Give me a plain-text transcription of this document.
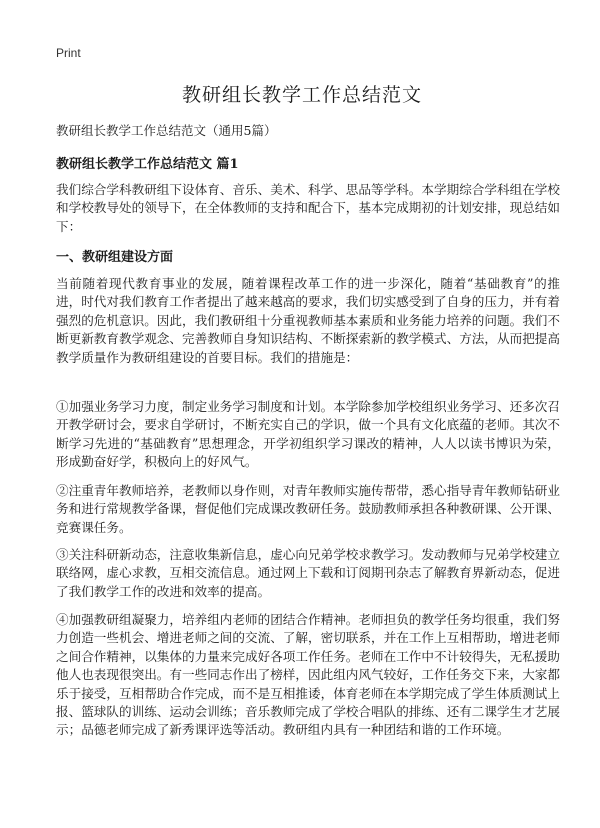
Print
教研组长教学工作总结范文

教研组长教学工作总结范文（通用5篇）

教研组长教学工作总结范文 篇1

我们综合学科教研组下设体育、音乐、美术、科学、思品等学科。本学期综合学科组在学校和学校教导处的领导下，在全体教师的支持和配合下，基本完成期初的计划安排，现总结如下：

一、教研组建设方面

当前随着现代教育事业的发展，随着课程改革工作的进一步深化，随着“基础教育”的推进，时代对我们教育工作者提出了越来越高的要求，我们切实感受到了自身的压力，并有着强烈的危机意识。因此，我们教研组十分重视教师基本素质和业务能力培养的问题。我们不断更新教育教学观念、完善教师自身知识结构、不断探索新的教学模式、方法，从而把提高教学质量作为教研组建设的首要目标。我们的措施是：

①加强业务学习力度，制定业务学习制度和计划。本学除参加学校组织业务学习、还多次召开教学研讨会，要求自学研讨，不断充实自己的学识，做一个具有文化底蕴的老师。其次不断学习先进的“基础教育”思想理念，开学初组织学习课改的精神，人人以读书博识为荣，形成勤奋好学，积极向上的好风气。

②注重青年教师培养，老教师以身作则，对青年教师实施传帮带，悉心指导青年教师钻研业务和进行常规教学备课，督促他们完成课改教研任务。鼓励教师承担各种教研课、公开课、竞赛课任务。

③关注科研新动态，注意收集新信息，虚心向兄弟学校求教学习。发动教师与兄弟学校建立联络网，虚心求教，互相交流信息。通过网上下载和订阅期刊杂志了解教育界新动态，促进了我们教学工作的改进和效率的提高。

④加强教研组凝聚力，培养组内老师的团结合作精神。老师担负的教学任务均很重，我们努力创造一些机会、增进老师之间的交流、了解，密切联系，并在工作上互相帮助，增进老师之间合作精神，以集体的力量来完成好各项工作任务。老师在工作中不计较得失，无私援助他人也表现很突出。有一些同志作出了榜样，因此组内风气较好，工作任务交下来，大家都乐于接受，互相帮助合作完成，而不是互相推诿，体育老师在本学期完成了学生体质测试上报、篮球队的训练、运动会训练；音乐教师完成了学校合唱队的排练、还有二课学生才艺展示；品德老师完成了新秀课评选等活动。教研组内具有一种团结和谐的工作环境。
